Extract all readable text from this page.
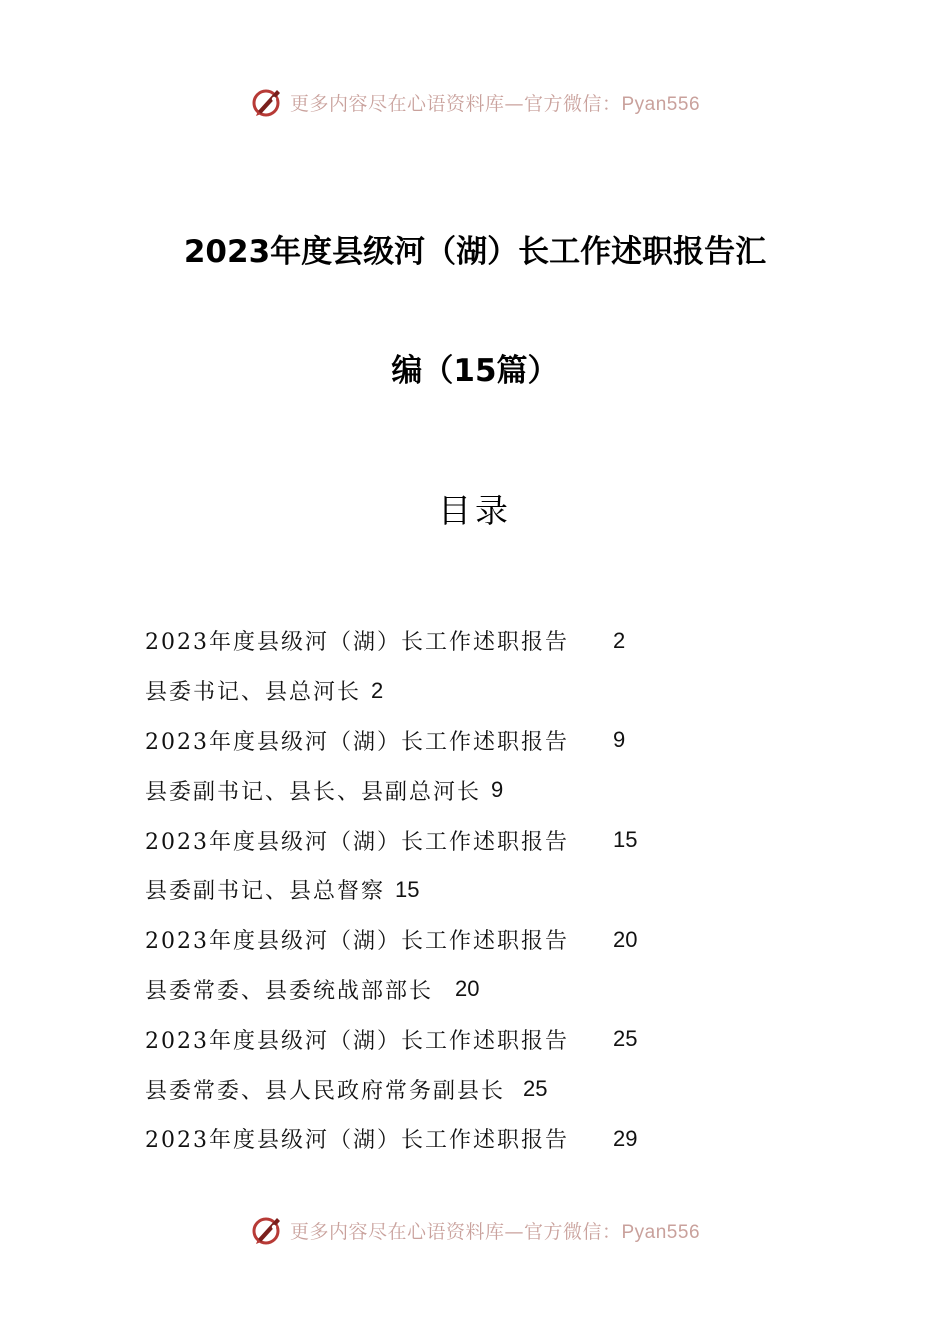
更多内容尽在心语资料库—官方微信：Pyan556
2023年度县级河（湖）长工作述职报告汇
编（15篇）
目录
2023年度县级河（湖）长工作述职报告 2
县委书记、县总河长 2
2023年度县级河（湖）长工作述职报告 9
县委副书记、县长、县副总河长 9
2023年度县级河（湖）长工作述职报告 15
县委副书记、县总督察 15
2023年度县级河（湖）长工作述职报告 20
县委常委、县委统战部部长 20
2023年度县级河（湖）长工作述职报告 25
县委常委、县人民政府常务副县长 25
2023年度县级河（湖）长工作述职报告 29
更多内容尽在心语资料库—官方微信：Pyan556
